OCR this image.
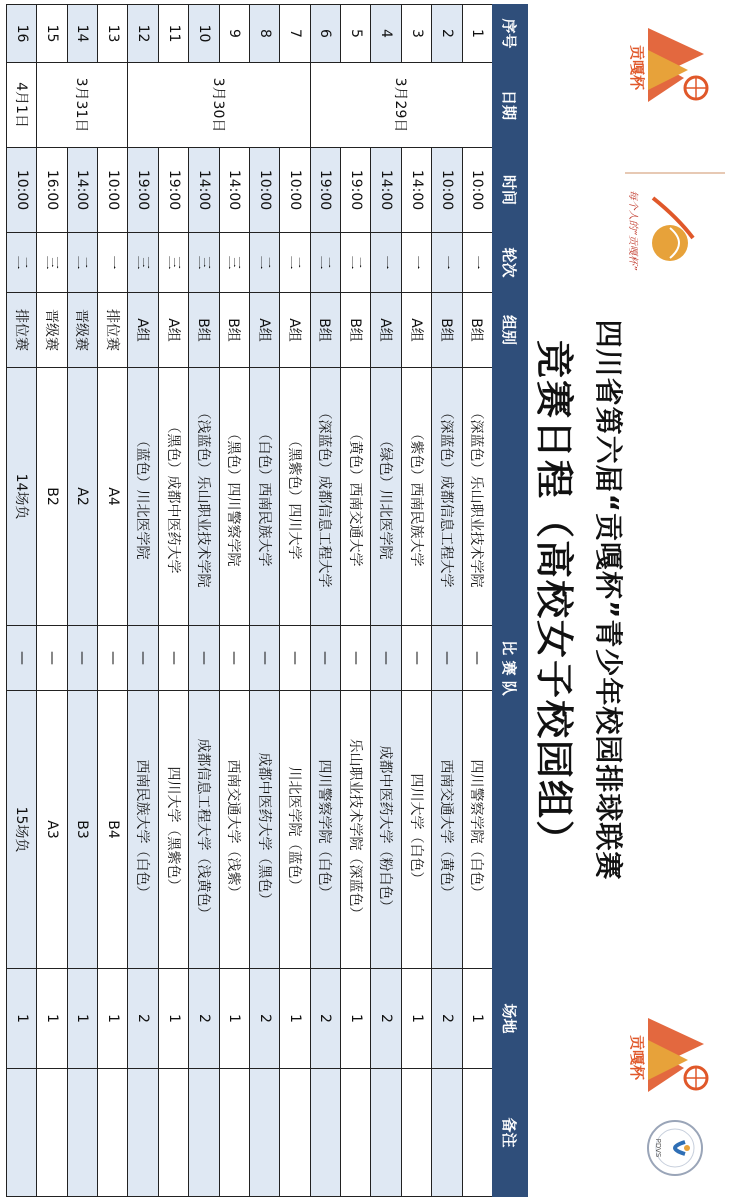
贡嘎杯
每个人的“贡嘎杯”
贡嘎杯
PDVS
四川省第六届“贡嘎杯”青少年校园排球联赛
竞赛日程（高校女子校园组）
序号	日期	时间	轮次	组别	比 赛 队			场地	备注
1	3月29日	10:00	一	B组	（深蓝色）乐山职业技术学院	—	四川警察学院（白色）	1	
2		10:00	一	B组	（深蓝色）成都信息工程大学	—	西南交通大学（黄色）	2	
3		14:00	一	A组	（紫色）西南民族大学	—	四川大学（白色）	1	
4		14:00	一	A组	（绿色）川北医学院	—	成都中医药大学（粉白色）	2	
5		19:00	二	B组	（黄色）西南交通大学	—	乐山职业技术学院（深蓝色）	1	
6		19:00	二	B组	（深蓝色）成都信息工程大学	—	四川警察学院（白色）	2	
7	3月30日	10:00	二	A组	（黑紫色）四川大学	—	川北医学院（蓝色）	1	
8		10:00	二	A组	（白色）西南民族大学	—	成都中医药大学（黑色）	2	
9		14:00	三	B组	（黑色）四川警察学院	—	西南交通大学（浅紫）	1	
10		14:00	三	B组	（浅蓝色）乐山职业技术学院	—	成都信息工程大学（浅黄色）	2	
11		19:00	三	A组	（黑色）成都中医药大学	—	四川大学（黑紫色）	1	
12		19:00	三	A组	（蓝色）川北医学院	—	西南民族大学（白色）	2	
13	3月31日	10:00	一	排位赛	A4	—	B4	1	
14		14:00	二	晋级赛	A2	—	B3	1	
15		16:00	三	晋级赛	B2	—	A3	1	
16	4月1日	10:00	二	排位赛	14场负	—	15场负	1	
